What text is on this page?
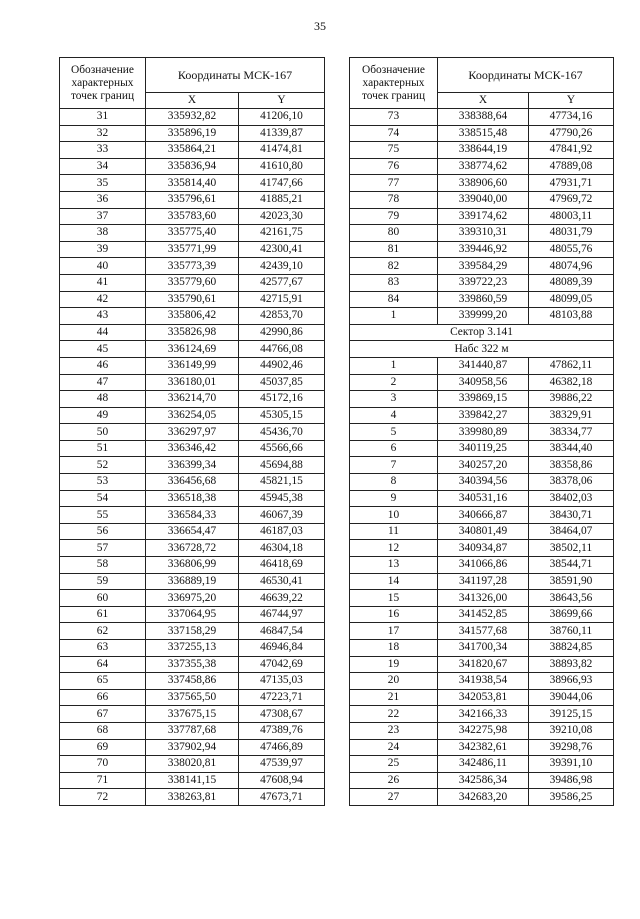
35
Обозначение характерных точек границ	Координаты МСК-167	
	X	Y
31	335932,82	41206,10
32	335896,19	41339,87
33	335864,21	41474,81
34	335836,94	41610,80
35	335814,40	41747,66
36	335796,61	41885,21
37	335783,60	42023,30
38	335775,40	42161,75
39	335771,99	42300,41
40	335773,39	42439,10
41	335779,60	42577,67
42	335790,61	42715,91
43	335806,42	42853,70
44	335826,98	42990,86
45	336124,69	44766,08
46	336149,99	44902,46
47	336180,01	45037,85
48	336214,70	45172,16
49	336254,05	45305,15
50	336297,97	45436,70
51	336346,42	45566,66
52	336399,34	45694,88
53	336456,68	45821,15
54	336518,38	45945,38
55	336584,33	46067,39
56	336654,47	46187,03
57	336728,72	46304,18
58	336806,99	46418,69
59	336889,19	46530,41
60	336975,20	46639,22
61	337064,95	46744,97
62	337158,29	46847,54
63	337255,13	46946,84
64	337355,38	47042,69
65	337458,86	47135,03
66	337565,50	47223,71
67	337675,15	47308,67
68	337787,68	47389,76
69	337902,94	47466,89
70	338020,81	47539,97
71	338141,15	47608,94
72	338263,81	47673,71
Обозначение характерных точек границ	Координаты МСК-167	
	X	Y
73	338388,64	47734,16
74	338515,48	47790,26
75	338644,19	47841,92
76	338774,62	47889,08
77	338906,60	47931,71
78	339040,00	47969,72
79	339174,62	48003,11
80	339310,31	48031,79
81	339446,92	48055,76
82	339584,29	48074,96
83	339722,23	48089,39
84	339860,59	48099,05
1	339999,20	48103,88
Сектор 3.141		
Набс 322 м		
1	341440,87	47862,11
2	340958,56	46382,18
3	339869,15	39886,22
4	339842,27	38329,91
5	339980,89	38334,77
6	340119,25	38344,40
7	340257,20	38358,86
8	340394,56	38378,06
9	340531,16	38402,03
10	340666,87	38430,71
11	340801,49	38464,07
12	340934,87	38502,11
13	341066,86	38544,71
14	341197,28	38591,90
15	341326,00	38643,56
16	341452,85	38699,66
17	341577,68	38760,11
18	341700,34	38824,85
19	341820,67	38893,82
20	341938,54	38966,93
21	342053,81	39044,06
22	342166,33	39125,15
23	342275,98	39210,08
24	342382,61	39298,76
25	342486,11	39391,10
26	342586,34	39486,98
27	342683,20	39586,25
